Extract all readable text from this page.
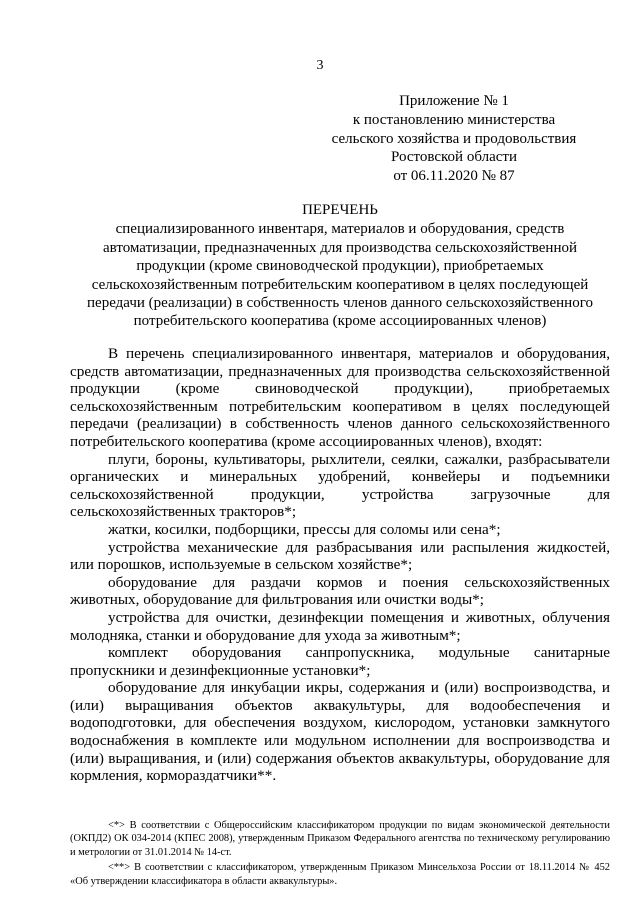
3
Приложение № 1
к постановлению министерства
сельского хозяйства и продовольствия
Ростовской области
от 06.11.2020 № 87
ПЕРЕЧЕНЬ
специализированного инвентаря, материалов и оборудования, средств автоматизации, предназначенных для производства сельскохозяйственной продукции (кроме свиноводческой продукции), приобретаемых сельскохозяйственным потребительским кооперативом в целях последующей передачи (реализации) в собственность членов данного сельскохозяйственного потребительского кооператива (кроме ассоциированных членов)

В перечень специализированного инвентаря, материалов и оборудования, средств автоматизации, предназначенных для производства сельскохозяйственной продукции (кроме свиноводческой продукции), приобретаемых сельскохозяйственным потребительским кооперативом в целях последующей передачи (реализации) в собственность членов данного сельскохозяйственного потребительского кооператива (кроме ассоциированных членов), входят:

плуги, бороны, культиваторы, рыхлители, сеялки, сажалки, разбрасыватели органических и минеральных удобрений, конвейеры и подъемники сельскохозяйственной продукции, устройства загрузочные для сельскохозяйственных тракторов*;

жатки, косилки, подборщики, прессы для соломы или сена*;

устройства механические для разбрасывания или распыления жидкостей, или порошков, используемые в сельском хозяйстве*;

оборудование для раздачи кормов и поения сельскохозяйственных животных, оборудование для фильтрования или очистки воды*;

устройства для очистки, дезинфекции помещения и животных, облучения молодняка, станки и оборудование для ухода за животным*;

комплект оборудования санпропускника, модульные санитарные пропускники и дезинфекционные установки*;

оборудование для инкубации икры, содержания и (или) воспроизводства, и (или) выращивания объектов аквакультуры, для водообеспечения и водоподготовки, для обеспечения воздухом, кислородом, установки замкнутого водоснабжения в комплекте или модульном исполнении для воспроизводства и (или) выращивания, и (или) содержания объектов аквакультуры, оборудование для кормления, кормораздатчики**.

<*> В соответствии с Общероссийским классификатором продукции по видам экономической деятельности (ОКПД2) ОК 034-2014 (КПЕС 2008), утвержденным Приказом Федерального агентства по техническому регулированию и метрологии от 31.01.2014 № 14-ст.

<**> В соответствии с классификатором, утвержденным Приказом Минсельхоза России от 18.11.2014 № 452 «Об утверждении классификатора в области аквакультуры».
